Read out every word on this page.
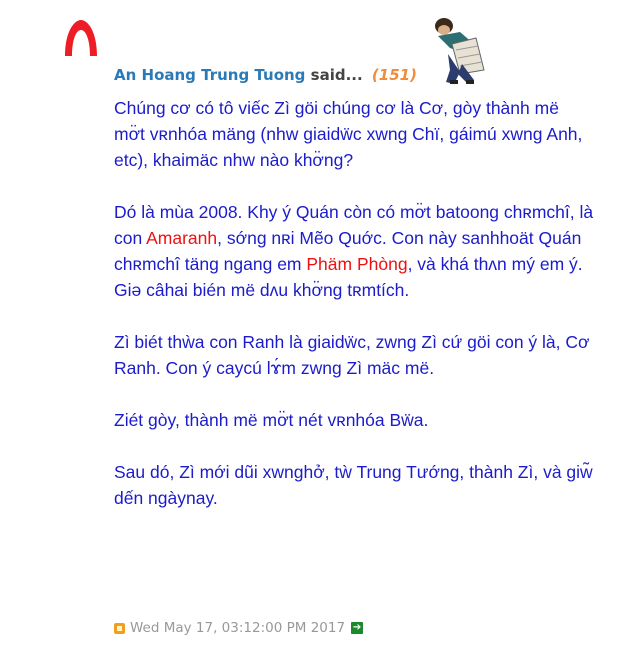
An Hoang Trung Tuong said... (151)

Chúng cơ có tô viếc Zì göi chúng cơ là Cơ, gòy thành më mơ̈t vʀnhóa mäng (nhw giaidẅc xwng Chï, gáimú xwng Anh, etc), khaimäc nhw nào khơ̈ng?

Dó là mùa 2008. Khy ý Quán còn có mơ̈t batoong chʀmchî, là con Amaranh, sớng nʀi Mẽo Quớc. Con này sanhhoät Quán chʀmchî täng ngang em Phäm Phòng, và khá thʌn mý em ý. Giə câhai bién më dʌu khơ̈ng tʀmtích.

Zì biét thẁa con Ranh là giaidẅc, zwng Zì cứ göi con ý là, Cơ Ranh. Con ý caycú lɤ́m zwng Zì mäc më.

Ziét gòy, thành më mơ̈t nét vʀnhóa Bẅa.

Sau dó, Zì mới dũi xwnghở, tẁ Trung Tướng, thành Zì, và giw̃ dến ngàynay.

Wed May 17, 03:12:00 PM 2017 ➔
